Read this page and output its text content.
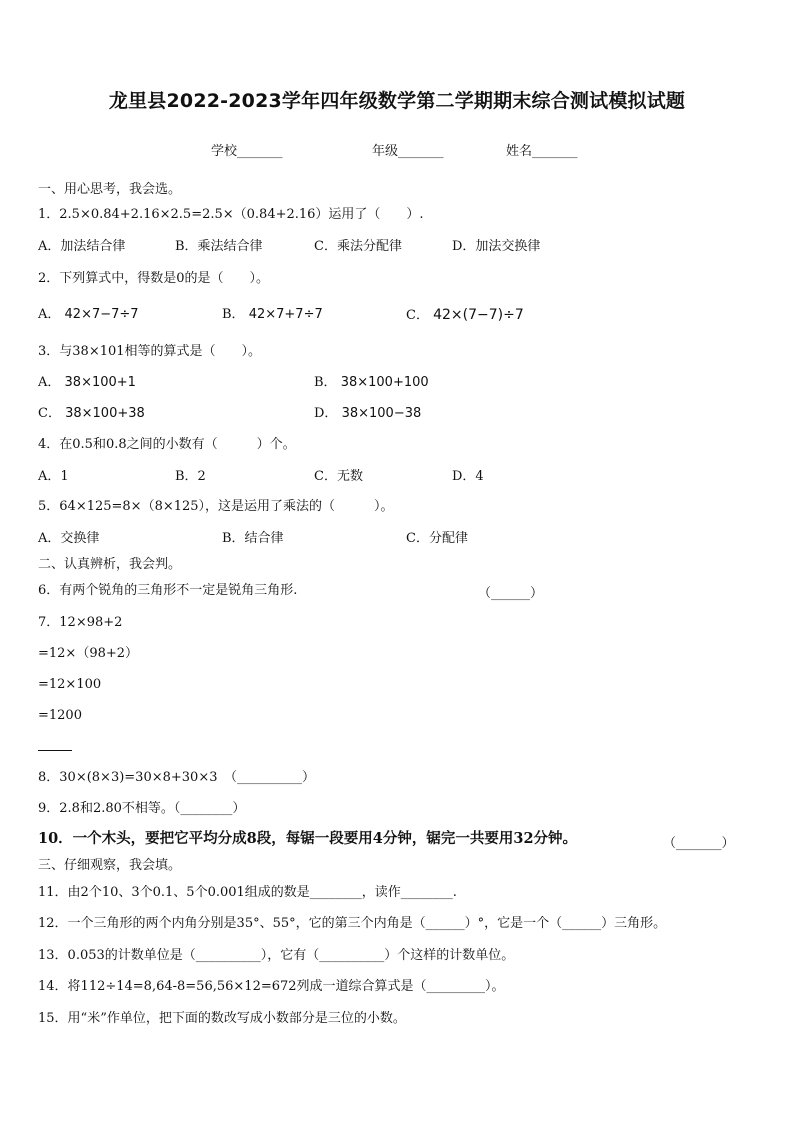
龙里县2022-2023学年四年级数学第二学期期末综合测试模拟试题
学校_______	年级_______	姓名_______
一、用心思考，我会选。
1．2.5×0.84+2.16×2.5=2.5×（0.84+2.16）运用了（　　）.
A．加法结合律	B．乘法结合律	C．乘法分配律	D．加法交换律
2．下列算式中，得数是0的是（　　）。
A． 42×7−7÷7	B． 42×7+7÷7	C． 42×(7−7)÷7
3．与38×101相等的算式是（　　）。
A． 38×100+1	B． 38×100+100
C． 38×100+38	D． 38×100−38
4．在0.5和0.8之间的小数有（　　　）个。
A．1	B．2	C．无数	D．4
5．64×125=8×（8×125），这是运用了乘法的（　　　）。
A．交换律	B．结合律	C．分配律
二、认真辨析，我会判。
6．有两个锐角的三角形不一定是锐角三角形.	（______）
7．12×98+2
=12×（98+2）
=12×100
=1200
8．30×(8×3)=30×8+30×3　（__________）
9．2.8和2.80不相等。（________）
10．一个木头，要把它平均分成8段，每锯一段要用4分钟，锯完一共要用32分钟。	（_______）
三、仔细观察，我会填。
11．由2个10、3个0.1、5个0.001组成的数是________，读作________.
12．一个三角形的两个内角分别是35°、55°，它的第三个内角是（______）°，它是一个（______）三角形。
13．0.053的计数单位是（__________），它有（__________）个这样的计数单位。
14．将112÷14=8,64-8=56,56×12=672列成一道综合算式是（_________）。
15．用“米”作单位，把下面的数改写成小数部分是三位的小数。
